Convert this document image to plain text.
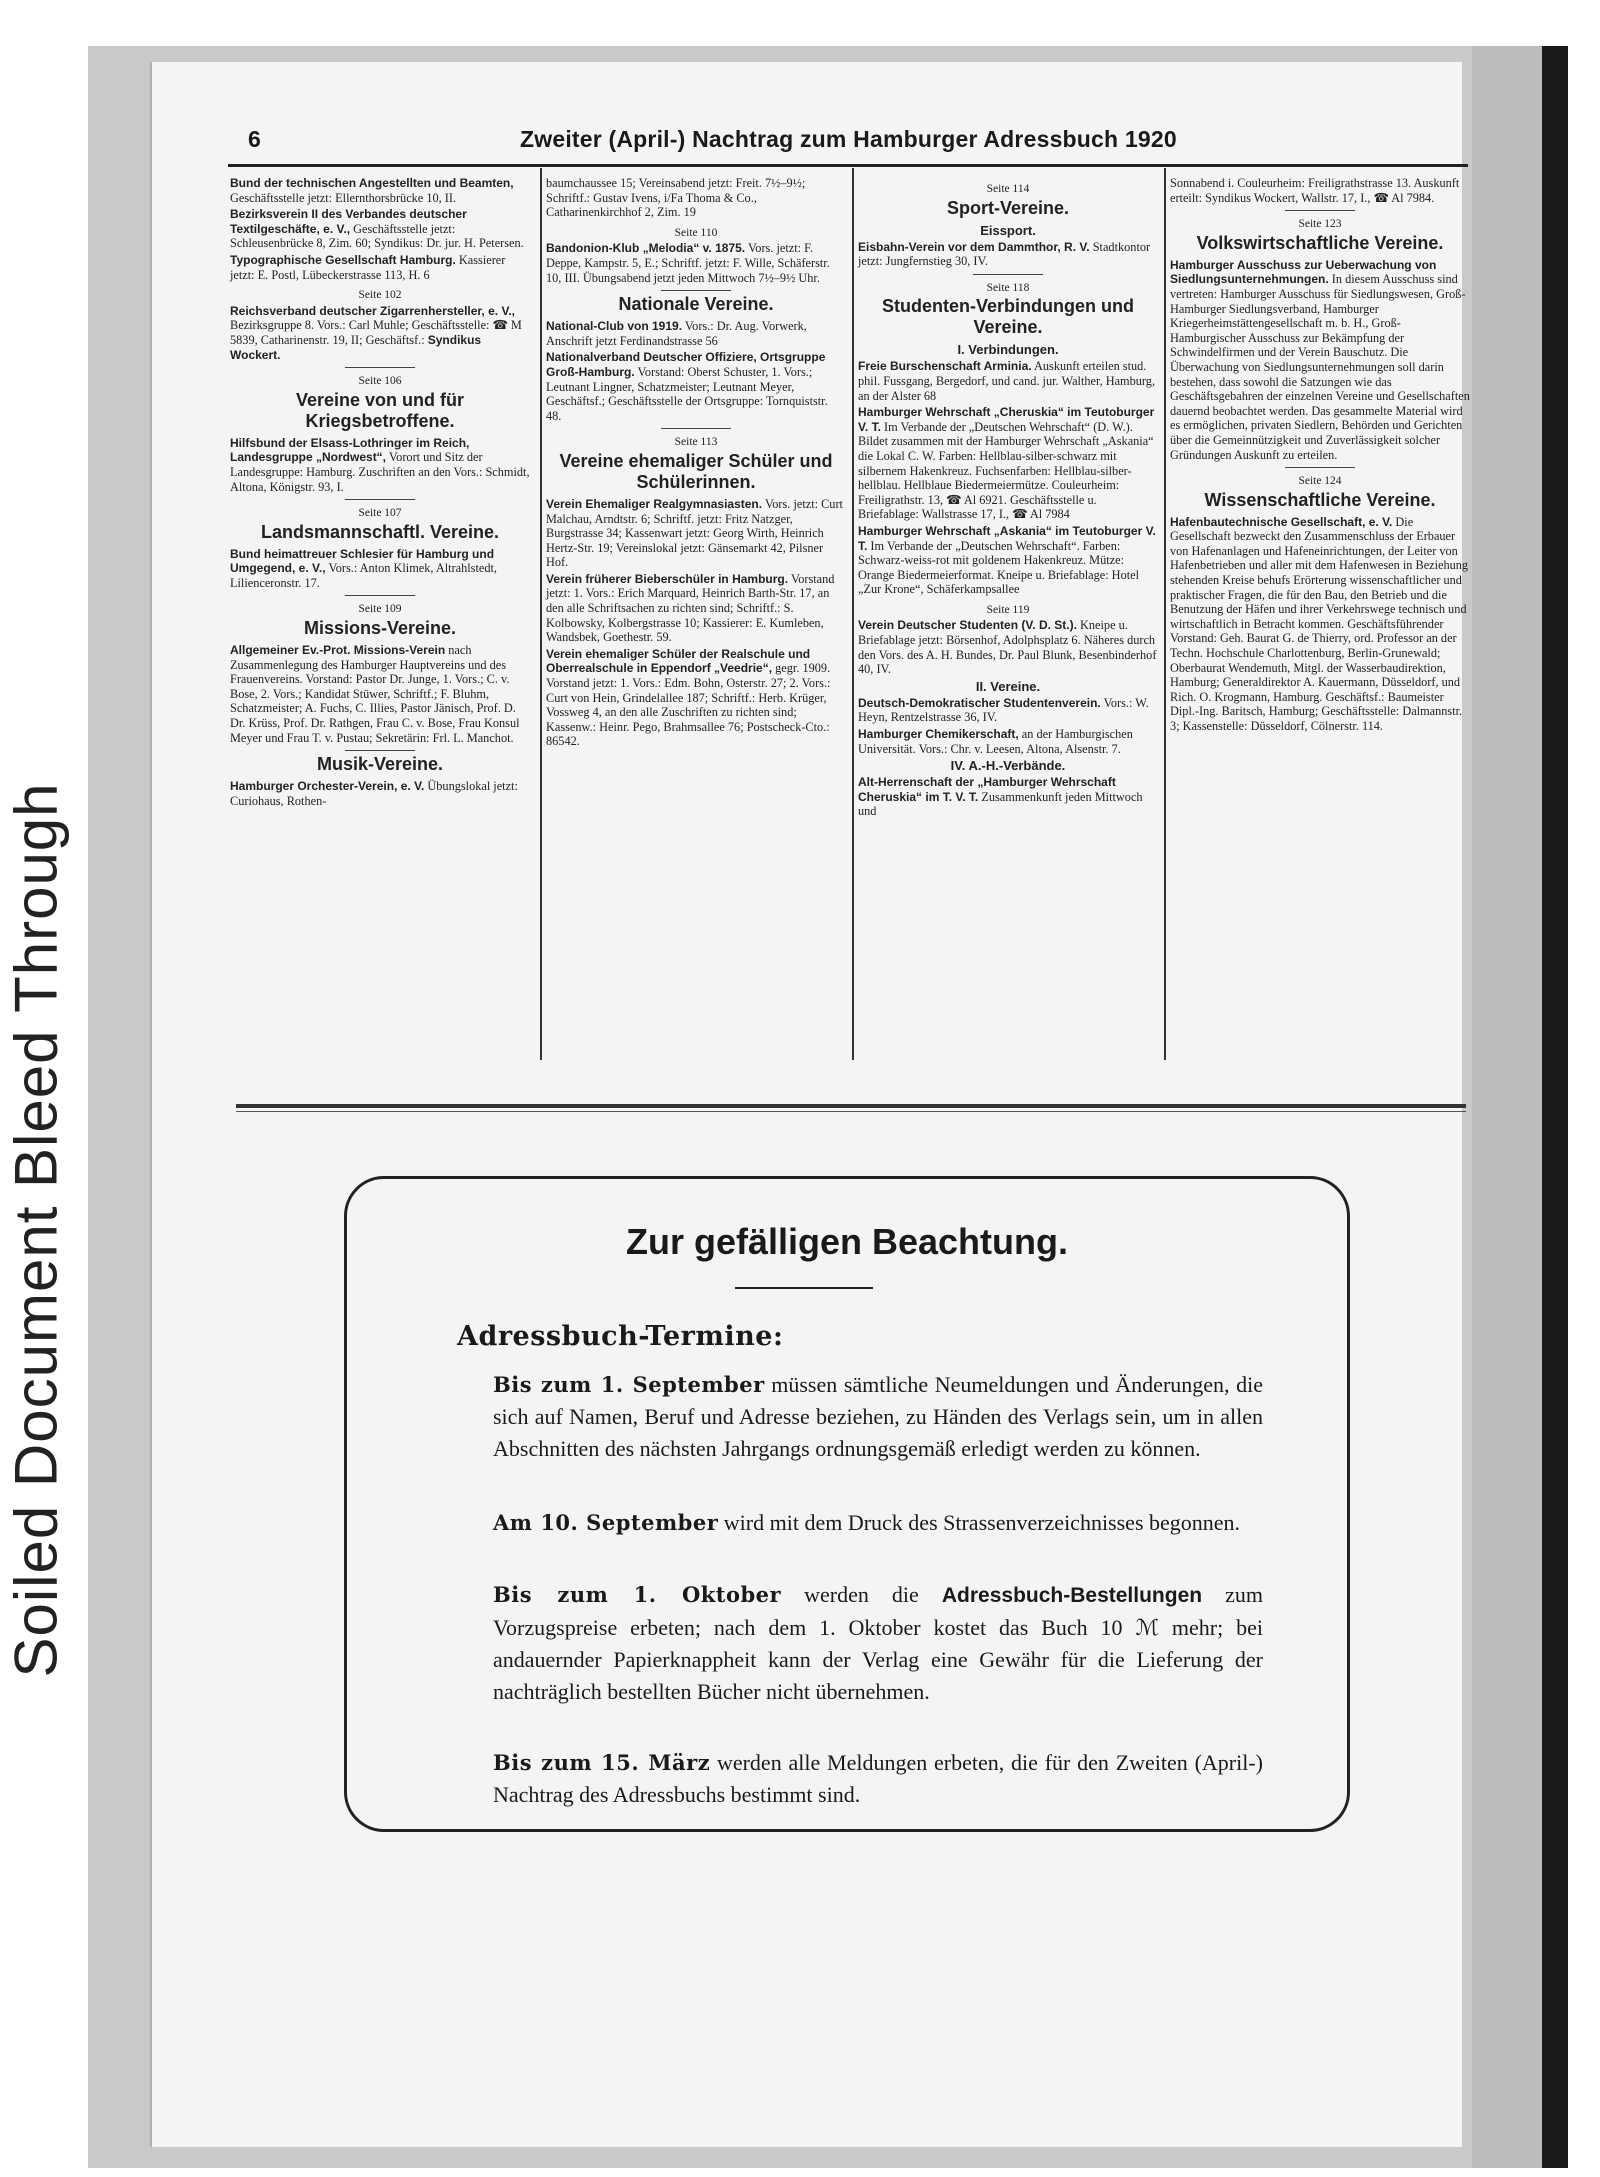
Soiled Document Bleed Through
6	Zweiter (April-) Nachtrag zum Hamburger Adressbuch 1920

Bund der technischen Angestellten und Beamten, Geschäftsstelle jetzt: Ellernthorsbrücke 10, II.

Bezirksverein II des Verbandes deutscher Textilgeschäfte, e. V., Geschäftsstelle jetzt: Schleusenbrücke 8, Zim. 60; Syndikus: Dr. jur. H. Petersen.

Typographische Gesellschaft Hamburg. Kassierer jetzt: E. Postl, Lübeckerstrasse 113, H. 6

Seite 102

Reichsverband deutscher Zigarrenhersteller, e. V., Bezirksgruppe 8. Vors.: Carl Muhle; Geschäftsstelle: ☎ M 5839, Catharinenstr. 19, II; Geschäftsf.: Syndikus Wockert.

Seite 106
Vereine von und für Kriegsbetroffene.

Hilfsbund der Elsass-Lothringer im Reich, Landesgruppe „Nordwest“, Vorort und Sitz der Landesgruppe: Hamburg. Zuschriften an den Vors.: Schmidt, Altona, Königstr. 93, I.

Seite 107
Landsmannschaftl. Vereine.

Bund heimattreuer Schlesier für Hamburg und Umgegend, e. V., Vors.: Anton Klimek, Altrahlstedt, Lilienceronstr. 17.

Seite 109
Missions-Vereine.

Allgemeiner Ev.-Prot. Missions-Verein nach Zusammenlegung des Hamburger Hauptvereins und des Frauenvereins. Vorstand: Pastor Dr. Junge, 1. Vors.; C. v. Bose, 2. Vors.; Kandidat Stüwer, Schriftf.; F. Bluhm, Schatzmeister; A. Fuchs, C. Illies, Pastor Jänisch, Prof. D. Dr. Krüss, Prof. Dr. Rathgen, Frau C. v. Bose, Frau Konsul Meyer und Frau T. v. Pustau; Sekretärin: Frl. L. Manchot.

Musik-Vereine.

Hamburger Orchester-Verein, e. V. Übungslokal jetzt: Curiohaus, Rothen-

baumchaussee 15; Vereinsabend jetzt: Freit. 7½–9½; Schriftf.: Gustav Ivens, i/Fa Thoma & Co., Catharinenkirchhof 2, Zim. 19

Seite 110

Bandonion-Klub „Melodia“ v. 1875. Vors. jetzt: F. Deppe, Kampstr. 5, E.; Schriftf. jetzt: F. Wille, Schäferstr. 10, III. Übungsabend jetzt jeden Mittwoch 7½–9½ Uhr.

Nationale Vereine.

National-Club von 1919. Vors.: Dr. Aug. Vorwerk, Anschrift jetzt Ferdinandstrasse 56

Nationalverband Deutscher Offiziere, Ortsgruppe Groß-Hamburg. Vorstand: Oberst Schuster, 1. Vors.; Leutnant Lingner, Schatzmeister; Leutnant Meyer, Geschäftsf.; Geschäftsstelle der Ortsgruppe: Tornquiststr. 48.

Seite 113
Vereine ehemaliger Schüler und Schülerinnen.

Verein Ehemaliger Realgymnasiasten. Vors. jetzt: Curt Malchau, Arndtstr. 6; Schriftf. jetzt: Fritz Natzger, Burgstrasse 34; Kassenwart jetzt: Georg Wirth, Heinrich Hertz-Str. 19; Vereinslokal jetzt: Gänsemarkt 42, Pilsner Hof.

Verein früherer Bieberschüler in Hamburg. Vorstand jetzt: 1. Vors.: Erich Marquard, Heinrich Barth-Str. 17, an den alle Schriftsachen zu richten sind; Schriftf.: S. Kolbowsky, Kolbergstrasse 10; Kassierer: E. Kumleben, Wandsbek, Goethestr. 59.

Verein ehemaliger Schüler der Realschule und Oberrealschule in Eppendorf „Veedrie“, gegr. 1909. Vorstand jetzt: 1. Vors.: Edm. Bohn, Osterstr. 27; 2. Vors.: Curt von Hein, Grindelallee 187; Schriftf.: Herb. Krüger, Vossweg 4, an den alle Zuschriften zu richten sind; Kassenw.: Heinr. Pego, Brahmsallee 76; Postscheck-Cto.: 86542.

Seite 114
Sport-Vereine.
Eissport.

Eisbahn-Verein vor dem Dammthor, R. V. Stadtkontor jetzt: Jungfernstieg 30, IV.

Seite 118
Studenten-Verbindungen und Vereine.
I. Verbindungen.

Freie Burschenschaft Arminia. Auskunft erteilen stud. phil. Fussgang, Bergedorf, und cand. jur. Walther, Hamburg, an der Alster 68

Hamburger Wehrschaft „Cheruskia“ im Teutoburger V. T. Im Verbande der „Deutschen Wehrschaft“ (D. W.). Bildet zusammen mit der Hamburger Wehrschaft „Askania“ die Lokal C. W. Farben: Hellblau-silber-schwarz mit silbernem Hakenkreuz. Fuchsenfarben: Hellblau-silber-hellblau. Hellblaue Biedermeiermütze. Couleurheim: Freiligrathstr. 13, ☎ Al 6921. Geschäftsstelle u. Briefablage: Wallstrasse 17, I., ☎ Al 7984

Hamburger Wehrschaft „Askania“ im Teutoburger V. T. Im Verbande der „Deutschen Wehrschaft“. Farben: Schwarz-weiss-rot mit goldenem Hakenkreuz. Mütze: Orange Biedermeierformat. Kneipe u. Briefablage: Hotel „Zur Krone“, Schäferkampsallee

Seite 119

Verein Deutscher Studenten (V. D. St.). Kneipe u. Briefablage jetzt: Börsenhof, Adolphsplatz 6. Näheres durch den Vors. des A. H. Bundes, Dr. Paul Blunk, Besenbinderhof 40, IV.

II. Vereine.

Deutsch-Demokratischer Studentenverein. Vors.: W. Heyn, Rentzelstrasse 36, IV.

Hamburger Chemikerschaft, an der Hamburgischen Universität. Vors.: Chr. v. Leesen, Altona, Alsenstr. 7.

IV. A.-H.-Verbände.

Alt-Herrenschaft der „Hamburger Wehrschaft Cheruskia“ im T. V. T. Zusammenkunft jeden Mittwoch und

Sonnabend i. Couleurheim: Freiligrathstrasse 13. Auskunft erteilt: Syndikus Wockert, Wallstr. 17, I., ☎ Al 7984.

Seite 123
Volkswirtschaftliche Vereine.

Hamburger Ausschuss zur Ueberwachung von Siedlungsunternehmungen. In diesem Ausschuss sind vertreten: Hamburger Ausschuss für Siedlungswesen, Groß-Hamburger Siedlungsverband, Hamburger Kriegerheimstättengesellschaft m. b. H., Groß-Hamburgischer Ausschuss zur Bekämpfung der Schwindelfirmen und der Verein Bauschutz. Die Überwachung von Siedlungsunternehmungen soll darin bestehen, dass sowohl die Satzungen wie das Geschäftsgebahren der einzelnen Vereine und Gesellschaften dauernd beobachtet werden. Das gesammelte Material wird es ermöglichen, privaten Siedlern, Behörden und Gerichten über die Gemeinnützigkeit und Zuverlässigkeit solcher Gründungen Auskunft zu erteilen.

Seite 124
Wissenschaftliche Vereine.

Hafenbautechnische Gesellschaft, e. V. Die Gesellschaft bezweckt den Zusammenschluss der Erbauer von Hafenanlagen und Hafeneinrichtungen, der Leiter von Hafenbetrieben und aller mit dem Hafenwesen in Beziehung stehenden Kreise behufs Erörterung wissenschaftlicher und praktischer Fragen, die für den Bau, den Betrieb und die Benutzung der Häfen und ihrer Verkehrswege technisch und wirtschaftlich in Betracht kommen. Geschäftsführender Vorstand: Geh. Baurat G. de Thierry, ord. Professor an der Techn. Hochschule Charlottenburg, Berlin-Grunewald; Oberbaurat Wendemuth, Mitgl. der Wasserbaudirektion, Hamburg; Generaldirektor A. Kauermann, Düsseldorf, und Rich. O. Krogmann, Hamburg. Geschäftsf.: Baumeister Dipl.-Ing. Baritsch, Hamburg; Geschäftsstelle: Dalmannstr. 3; Kassenstelle: Düsseldorf, Cölnerstr. 114.

Zur gefälligen Beachtung.
Adressbuch-Termine:

Bis zum 1. September müssen sämtliche Neumeldungen und Änderungen, die sich auf Namen, Beruf und Adresse beziehen, zu Händen des Verlags sein, um in allen Abschnitten des nächsten Jahrgangs ordnungsgemäß erledigt werden zu können.

Am 10. September wird mit dem Druck des Strassenverzeichnisses begonnen.

Bis zum 1. Oktober werden die Adressbuch-Bestellungen zum Vorzugspreise erbeten; nach dem 1. Oktober kostet das Buch 10 ℳ mehr; bei andauernder Papierknappheit kann der Verlag eine Gewähr für die Lieferung der nachträglich bestellten Bücher nicht übernehmen.

Bis zum 15. März werden alle Meldungen erbeten, die für den Zweiten (April-) Nachtrag des Adressbuchs bestimmt sind.
